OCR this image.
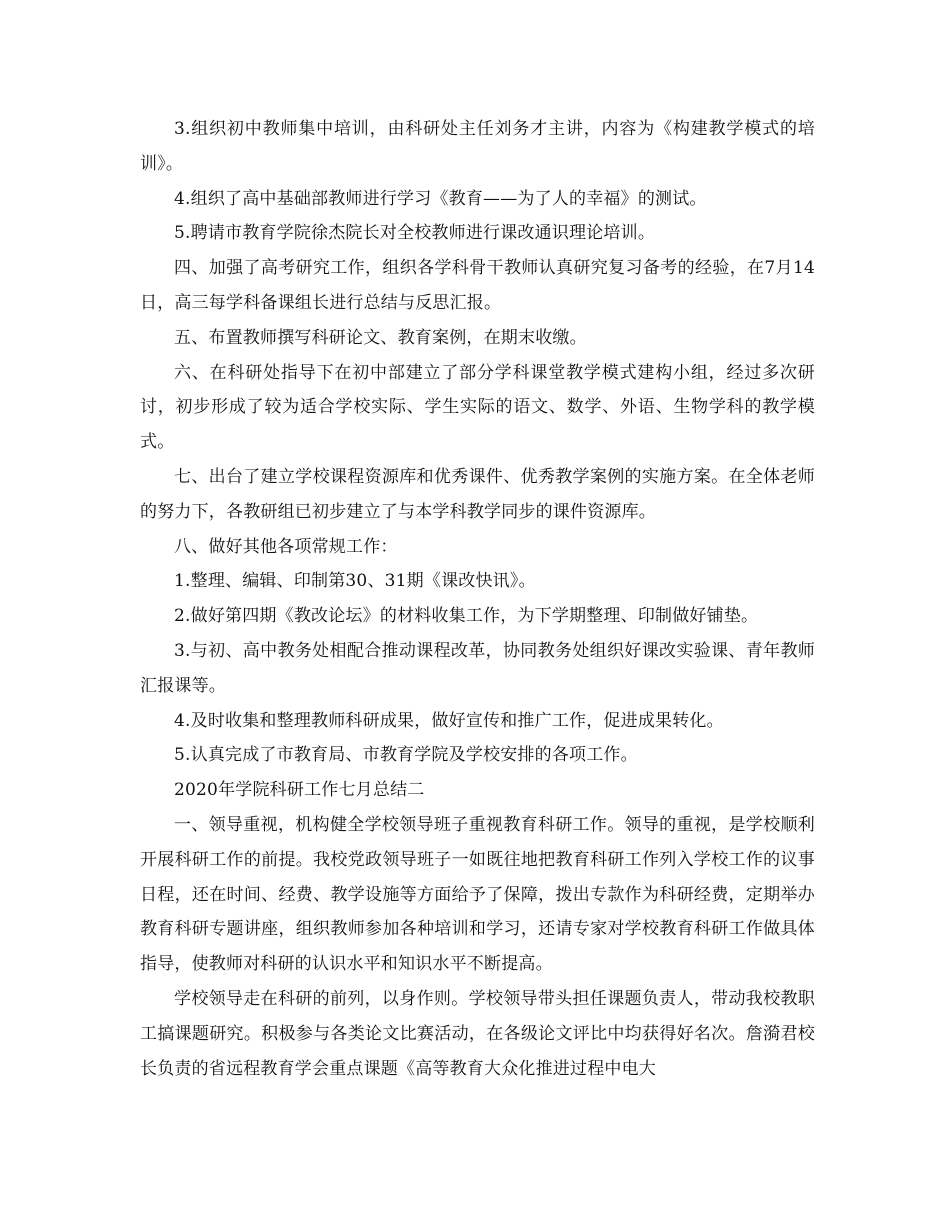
3.组织初中教师集中培训，由科研处主任刘务才主讲，内容为《构建教学模式的培训》。

4.组织了高中基础部教师进行学习《教育——为了人的幸福》的测试。

5.聘请市教育学院徐杰院长对全校教师进行课改通识理论培训。

四、加强了高考研究工作，组织各学科骨干教师认真研究复习备考的经验，在7月14日，高三每学科备课组长进行总结与反思汇报。

五、布置教师撰写科研论文、教育案例，在期末收缴。

六、在科研处指导下在初中部建立了部分学科课堂教学模式建构小组，经过多次研讨，初步形成了较为适合学校实际、学生实际的语文、数学、外语、生物学科的教学模式。

七、出台了建立学校课程资源库和优秀课件、优秀教学案例的实施方案。在全体老师的努力下，各教研组已初步建立了与本学科教学同步的课件资源库。

八、做好其他各项常规工作：

1.整理、编辑、印制第30、31期《课改快讯》。

2.做好第四期《教改论坛》的材料收集工作，为下学期整理、印制做好铺垫。

3.与初、高中教务处相配合推动课程改革，协同教务处组织好课改实验课、青年教师汇报课等。

4.及时收集和整理教师科研成果，做好宣传和推广工作，促进成果转化。

5.认真完成了市教育局、市教育学院及学校安排的各项工作。

2020年学院科研工作七月总结二

一、领导重视，机构健全学校领导班子重视教育科研工作。领导的重视，是学校顺利开展科研工作的前提。我校党政领导班子一如既往地把教育科研工作列入学校工作的议事日程，还在时间、经费、教学设施等方面给予了保障，拨出专款作为科研经费，定期举办教育科研专题讲座，组织教师参加各种培训和学习，还请专家对学校教育科研工作做具体指导，使教师对科研的认识水平和知识水平不断提高。

学校领导走在科研的前列，以身作则。学校领导带头担任课题负责人，带动我校教职工搞课题研究。积极参与各类论文比赛活动，在各级论文评比中均获得好名次。詹漪君校长负责的省远程教育学会重点课题《高等教育大众化推进过程中电大
